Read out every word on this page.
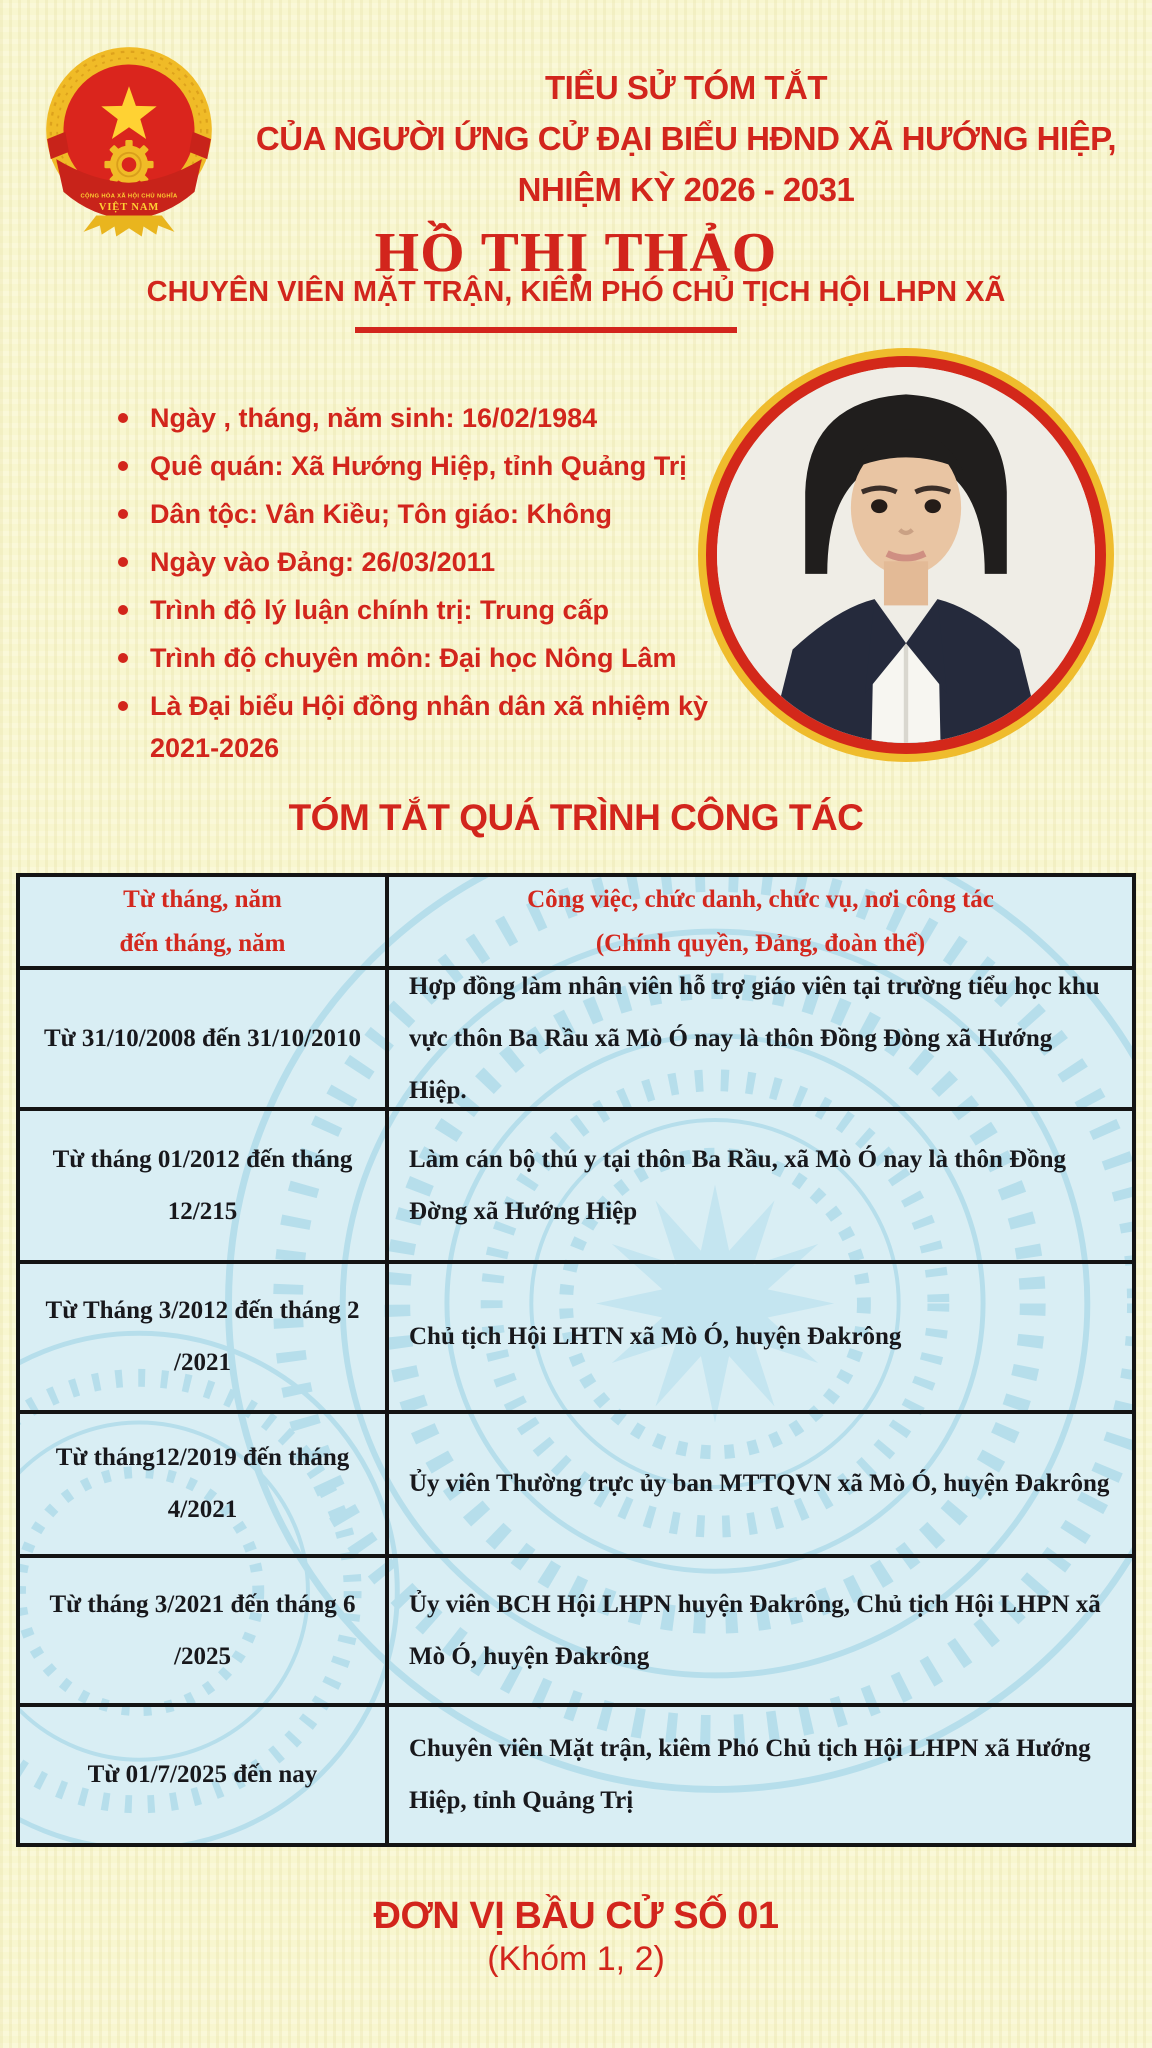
CỘNG HÒA XÃ HỘI CHỦ NGHĨA
VIỆT NAM
TIỂU SỬ TÓM TẮT
CỦA NGƯỜI ỨNG CỬ ĐẠI BIỂU HĐND XÃ HƯỚNG HIỆP,
NHIỆM KỲ 2026 - 2031
HỒ THỊ THẢO
CHUYÊN VIÊN MẶT TRẬN, KIÊM PHÓ CHỦ TỊCH HỘI LHPN XÃ
Ngày , tháng, năm sinh: 16/02/1984
Quê quán: Xã Hướng Hiệp, tỉnh Quảng Trị
Dân tộc: Vân Kiều; Tôn giáo: Không
Ngày vào Đảng: 26/03/2011
Trình độ lý luận chính trị: Trung cấp
Trình độ chuyên môn: Đại học Nông Lâm
Là Đại biểu Hội đồng nhân dân xã nhiệm kỳ 2021-2026
TÓM TẮT QUÁ TRÌNH CÔNG TÁC
Từ tháng, năm
đến tháng, năm
Công việc, chức danh, chức vụ, nơi công tác
(Chính quyền, Đảng, đoàn thể)
Từ 31/10/2008 đến 31/10/2010
Hợp đồng làm nhân viên hỗ trợ giáo viên tại trường tiểu học khu vực thôn Ba Rầu xã Mò Ó nay là thôn Đồng Đòng xã Hướng Hiệp.
Từ tháng 01/2012 đến tháng 12/215
Làm cán bộ thú y tại thôn Ba Rầu, xã Mò Ó nay là thôn Đồng Đờng xã Hướng Hiệp
Từ Tháng 3/2012 đến tháng 2 /2021
Chủ tịch Hội LHTN xã Mò Ó, huyện Đakrông
Từ tháng12/2019 đến tháng 4/2021
Ủy viên Thường trực ủy ban MTTQVN xã Mò Ó, huyện Đakrông
Từ tháng 3/2021 đến tháng 6 /2025
Ủy viên BCH Hội LHPN huyện Đakrông, Chủ tịch Hội LHPN xã Mò Ó, huyện Đakrông
Từ 01/7/2025 đến nay
Chuyên viên Mặt trận, kiêm Phó Chủ tịch Hội LHPN xã Hướng Hiệp, tỉnh Quảng Trị
ĐƠN VỊ BẦU CỬ SỐ 01
(Khóm 1, 2)
